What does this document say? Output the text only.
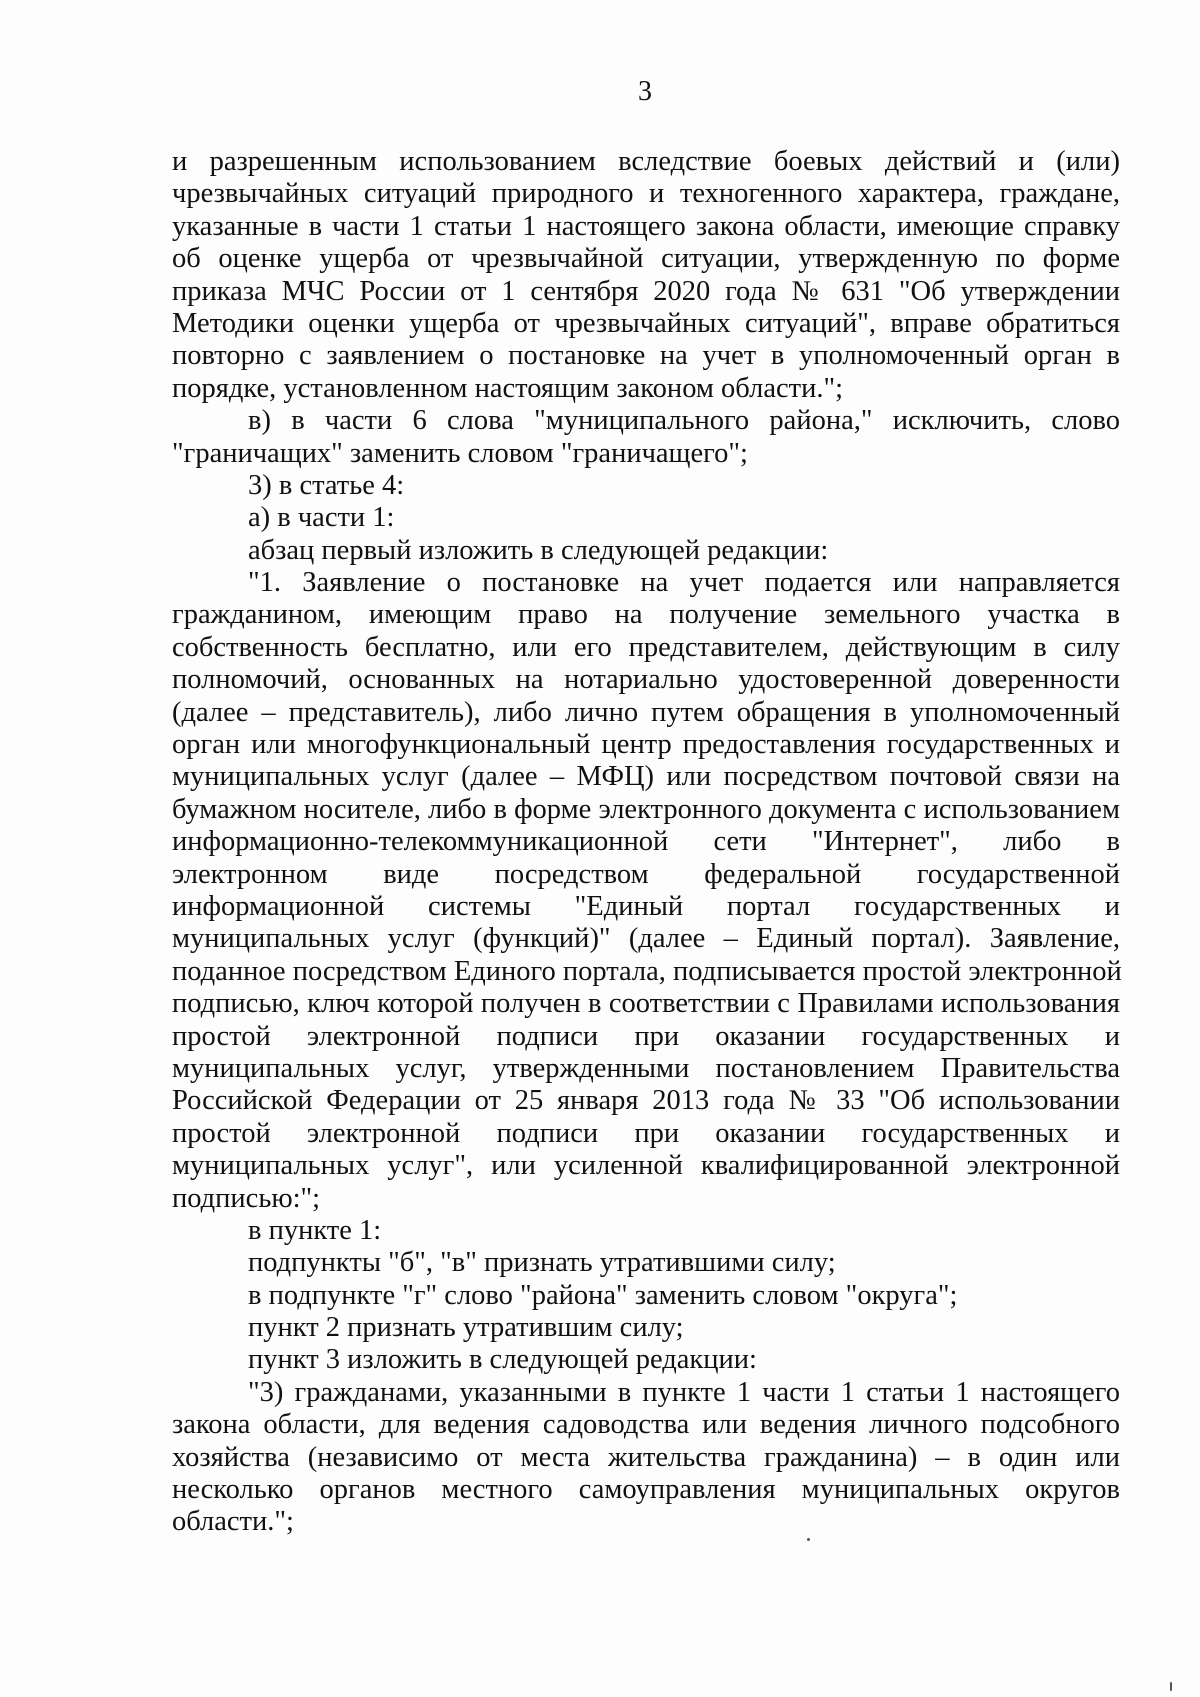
3
и разрешенным использованием вследствие боевых действий и (или)
чрезвычайных ситуаций природного и техногенного характера, граждане,
указанные в части 1 статьи 1 настоящего закона области, имеющие справку
об оценке ущерба от чрезвычайной ситуации, утвержденную по форме
приказа МЧС России от 1 сентября 2020 года № 631 "Об утверждении
Методики оценки ущерба от чрезвычайных ситуаций", вправе обратиться
повторно с заявлением о постановке на учет в уполномоченный орган в
порядке, установленном настоящим законом области.";
в) в части 6 слова "муниципального района," исключить, слово
"граничащих" заменить словом "граничащего";
3) в статье 4:
а) в части 1:
абзац первый изложить в следующей редакции:
"1. Заявление о постановке на учет подается или направляется
гражданином, имеющим право на получение земельного участка в
собственность бесплатно, или его представителем, действующим в силу
полномочий, основанных на нотариально удостоверенной доверенности
(далее – представитель), либо лично путем обращения в уполномоченный
орган или многофункциональный центр предоставления государственных и
муниципальных услуг (далее – МФЦ) или посредством почтовой связи на
бумажном носителе, либо в форме электронного документа с использованием
информационно-телекоммуникационной сети "Интернет", либо в
электронном виде посредством федеральной государственной
информационной системы "Единый портал государственных и
муниципальных услуг (функций)" (далее – Единый портал). Заявление,
поданное посредством Единого портала, подписывается простой электронной
подписью, ключ которой получен в соответствии с Правилами использования
простой электронной подписи при оказании государственных и
муниципальных услуг, утвержденными постановлением Правительства
Российской Федерации от 25 января 2013 года № 33 "Об использовании
простой электронной подписи при оказании государственных и
муниципальных услуг", или усиленной квалифицированной электронной
подписью:";
в пункте 1:
подпункты "б", "в" признать утратившими силу;
в подпункте "г" слово "района" заменить словом "округа";
пункт 2 признать утратившим силу;
пункт 3 изложить в следующей редакции:
"3) гражданами, указанными в пункте 1 части 1 статьи 1 настоящего
закона области, для ведения садоводства или ведения личного подсобного
хозяйства (независимо от места жительства гражданина) – в один или
несколько органов местного самоуправления муниципальных округов
области.";
